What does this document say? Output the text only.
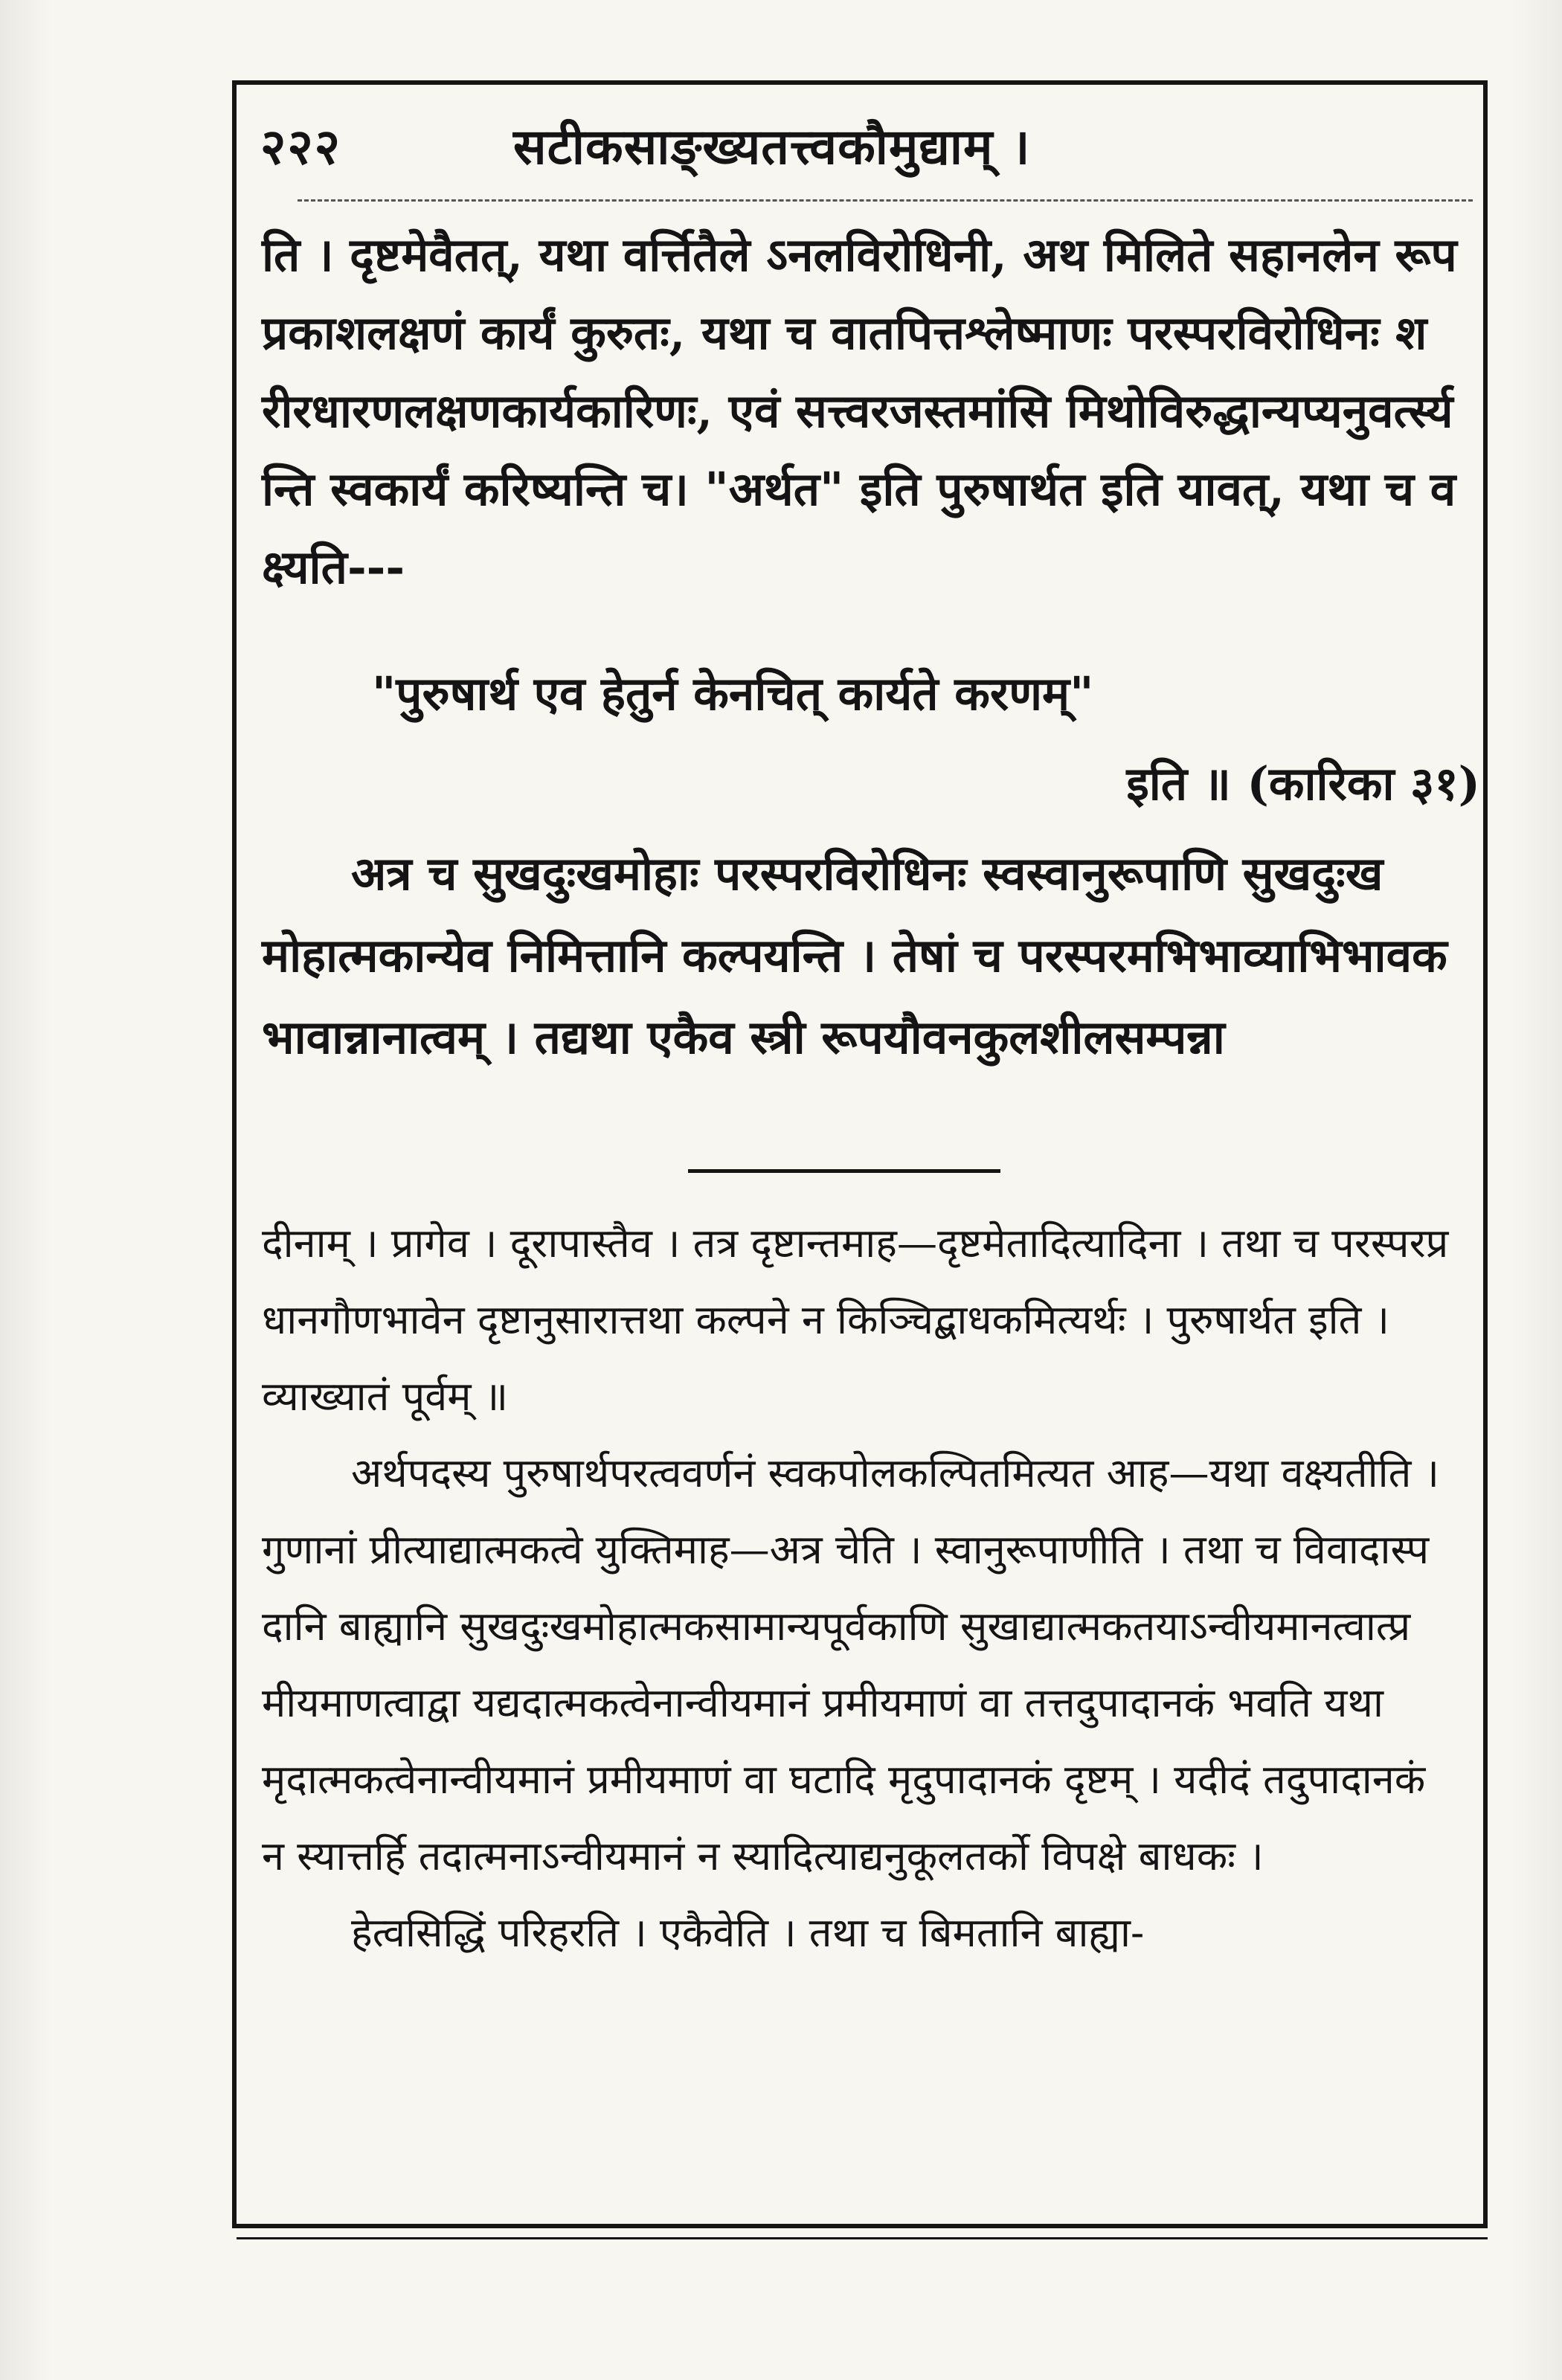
२२२	सटीकसाङ्ख्यतत्त्वकौमुद्याम् ।

ति । दृष्टमेवैतत्, यथा वर्त्तितैले ऽनलविरोधिनी, अथ मिलिते सहानलेन रूपप्रकाशलक्षणं कार्यं कुरुतः, यथा च वातपित्तश्लेष्माणः परस्परविरोधिनः शरीरधारणलक्षणकार्यकारिणः, एवं सत्त्वरजस्तमांसि मिथोविरुद्धान्यप्यनुवर्त्स्यन्ति स्वकार्यं करिष्यन्ति च। "अर्थत" इति पुरुषार्थत इति यावत्, यथा च वक्ष्यति---

"पुरुषार्थ एव हेतुर्न केनचित् कार्यते करणम्"
इति ॥ (कारिका ३१)
अत्र च सुखदुःखमोहाः परस्परविरोधिनः स्वस्वानुरूपाणि सुखदुःखमोहात्मकान्येव निमित्तानि कल्पयन्ति । तेषां च परस्परमभिभाव्याभिभावकभावान्नानात्वम् । तद्यथा एकैव स्त्री रूपयौवनकुलशीलसम्पन्ना

दीनाम् । प्रागेव । दूरापास्तैव । तत्र दृष्टान्तमाह—दृष्टमेतादित्यादिना । तथा च परस्परप्रधानगौणभावेन दृष्टानुसारात्तथा कल्पने न किञ्चिद्बाधकमित्यर्थः । पुरुषार्थत इति । व्याख्यातं पूर्वम् ॥

अर्थपदस्य पुरुषार्थपरत्ववर्णनं स्वकपोलकल्पितमित्यत आह—यथा वक्ष्यतीति । गुणानां प्रीत्याद्यात्मकत्वे युक्तिमाह—अत्र चेति । स्वानुरूपाणीति । तथा च विवादास्पदानि बाह्यानि सुखदुःखमोहात्मकसामान्यपूर्वकाणि सुखाद्यात्मकतयाऽन्वीयमानत्वात्प्रमीयमाणत्वाद्वा यद्यदात्मकत्वेनान्वीयमानं प्रमीयमाणं वा तत्तदुपादानकं भवति यथा मृदात्मकत्वेनान्वीयमानं प्रमीयमाणं वा घटादि मृदुपादानकं दृष्टम् । यदीदं तदुपादानकं न स्यात्तर्हि तदात्मनाऽन्वीयमानं न स्यादित्याद्यनुकूलतर्को विपक्षे बाधकः ।

हेत्वसिद्धिं परिहरति । एकैवेति । तथा च बिमतानि बाह्या-
